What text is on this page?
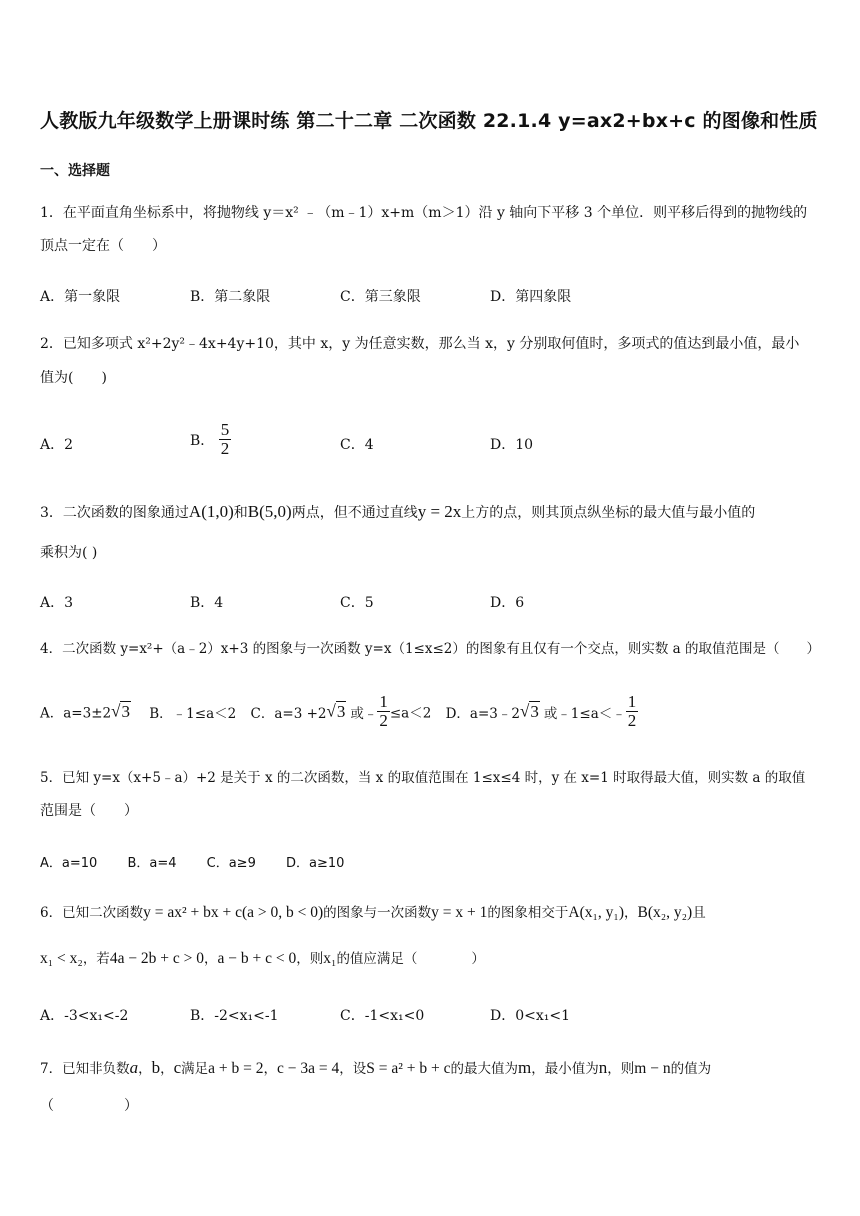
人教版九年级数学上册课时练 第二十二章 二次函数 22.1.4 y=ax2+bx+c 的图像和性质
一、选择题
1．在平面直角坐标系中，将抛物线 y＝x² ﹣（m﹣1）x+m（m＞1）沿 y 轴向下平移 3 个单位．则平移后得到的抛物线的
顶点一定在（　　）
A．第一象限	B．第二象限	C．第三象限	D．第四象限
2．已知多项式 x²+2y²﹣4x+4y+10，其中 x，y 为任意实数，那么当 x，y 分别取何值时，多项式的值达到最小值，最小
值为(　　)
A．2	B． $\frac{5}{2}$	C．4	D．10
3．二次函数的图象通过A(1,0)和B(5,0)两点，但不通过直线y = 2x上方的点，则其顶点纵坐标的最大值与最小值的
乘积为( )
A．3	B．4	C．5	D．6
4．二次函数 y=x²+（a﹣2）x+3 的图象与一次函数 y=x（1≤x≤2）的图象有且仅有一个交点，则实数 a 的取值范围是（　　）
A．a=3±2√3 B．﹣1≤a＜2 C．a=3 +2√3 或﹣ $\frac{1}{2} \le a<2$ D．a=3﹣2√3 或﹣1≤a＜﹣ $\frac{1}{2}$
5．已知 y=x（x+5﹣a）+2 是关于 x 的二次函数，当 x 的取值范围在 1≤x≤4 时，y 在 x=1 时取得最大值，则实数 a 的取值
范围是（　　）
A．a=10 B．a=4 C．a≥9 D．a≥10
6．已知二次函数y = ax² + bx + c(a > 0, b < 0)的图象与一次函数y = x + 1的图象相交于A(x₁, y₁)，B(x₂, y₂)且
x₁ < x₂，若4a − 2b + c > 0，a − b + c < 0，则x₁的值应满足（　　　　）
A．-3<x₁<-2	B．-2<x₁<-1	C．-1<x₁<0	D．0<x₁<1
7．已知非负数a，b，c满足a + b = 2，c − 3a = 4，设S = a² + b + c的最大值为m，最小值为n，则m − n的值为
（　　　　　）
